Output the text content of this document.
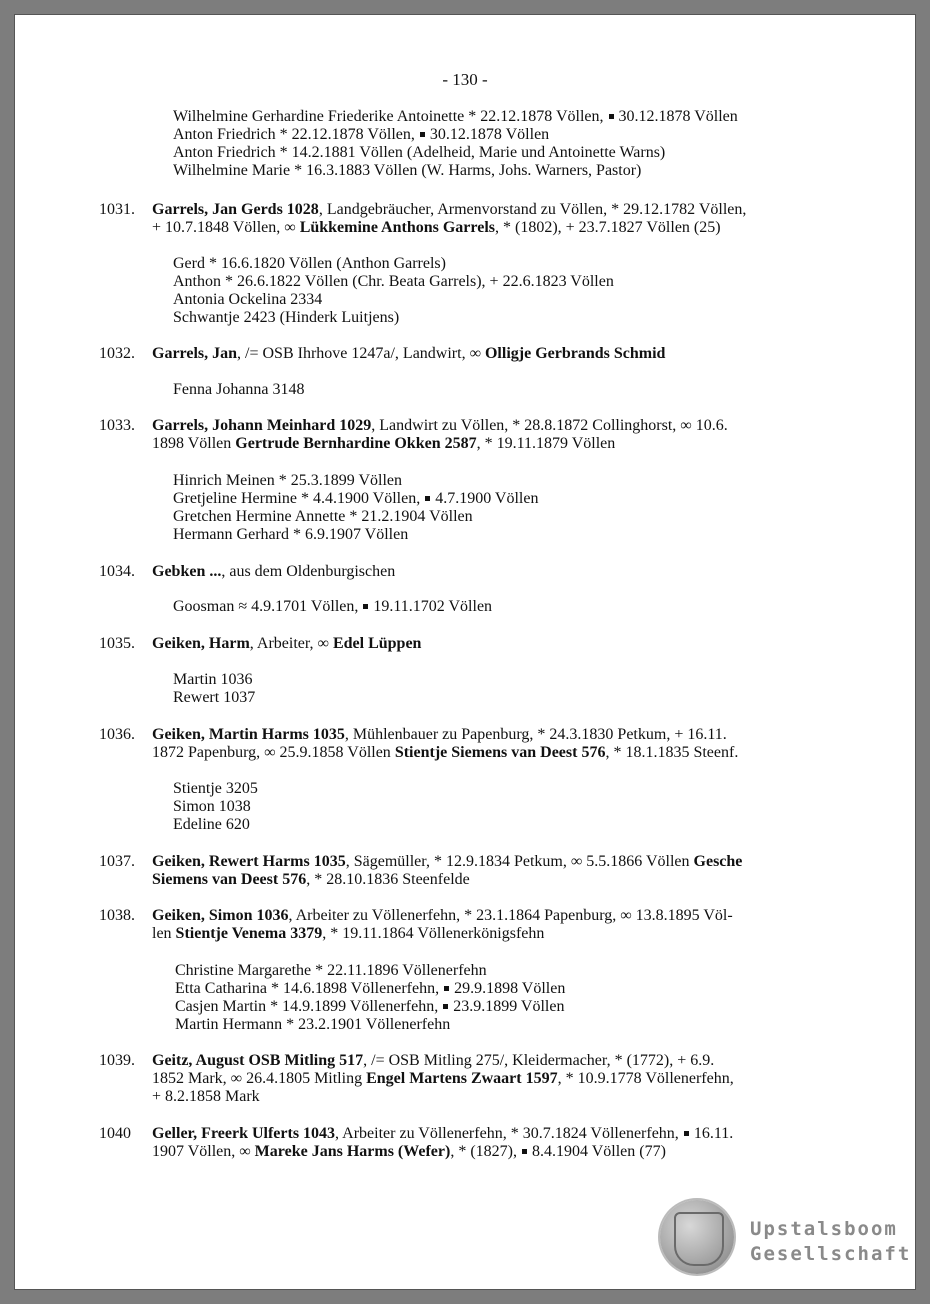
- 130 -
Wilhelmine Gerhardine Friederike Antoinette * 22.12.1878 Völlen,  30.12.1878 Völlen
Anton Friedrich * 22.12.1878 Völlen,  30.12.1878 Völlen
Anton Friedrich * 14.2.1881 Völlen (Adelheid, Marie und Antoinette Warns)
Wilhelmine Marie * 16.3.1883 Völlen (W. Harms, Johs. Warners, Pastor)
1031. Garrels, Jan Gerds 1028, Landgebräucher, Armenvorstand zu Völlen, * 29.12.1782 Völlen,
+ 10.7.1848 Völlen, ∞ Lükkemine Anthons Garrels, * (1802), + 23.7.1827 Völlen (25)
Gerd * 16.6.1820 Völlen (Anthon Garrels)
Anthon * 26.6.1822 Völlen (Chr. Beata Garrels), + 22.6.1823 Völlen
Antonia Ockelina 2334
Schwantje 2423 (Hinderk Luitjens)
1032. Garrels, Jan, /= OSB Ihrhove 1247a/, Landwirt, ∞ Olligje Gerbrands Schmid
Fenna Johanna 3148
1033. Garrels, Johann Meinhard 1029, Landwirt zu Völlen, * 28.8.1872 Collinghorst, ∞ 10.6.
1898 Völlen Gertrude Bernhardine Okken 2587, * 19.11.1879 Völlen
Hinrich Meinen * 25.3.1899 Völlen
Gretjeline Hermine * 4.4.1900 Völlen,  4.7.1900 Völlen
Gretchen Hermine Annette * 21.2.1904 Völlen
Hermann Gerhard * 6.9.1907 Völlen
1034. Gebken ..., aus dem Oldenburgischen
Goosman ≈ 4.9.1701 Völlen,  19.11.1702 Völlen
1035. Geiken, Harm, Arbeiter, ∞ Edel Lüppen
Martin 1036
Rewert 1037
1036. Geiken, Martin Harms 1035, Mühlenbauer zu Papenburg, * 24.3.1830 Petkum, + 16.11.
1872 Papenburg, ∞ 25.9.1858 Völlen Stientje Siemens van Deest 576, * 18.1.1835 Steenf.
Stientje 3205
Simon 1038
Edeline 620
1037. Geiken, Rewert Harms 1035, Sägemüller, * 12.9.1834 Petkum, ∞ 5.5.1866 Völlen Gesche
Siemens van Deest 576, * 28.10.1836 Steenfelde
1038. Geiken, Simon 1036, Arbeiter zu Völlenerfehn, * 23.1.1864 Papenburg, ∞ 13.8.1895 Völ-
len Stientje Venema 3379, * 19.11.1864 Völlenerkönigsfehn
Christine Margarethe * 22.11.1896 Völlenerfehn
Etta Catharina * 14.6.1898 Völlenerfehn,  29.9.1898 Völlen
Casjen Martin * 14.9.1899 Völlenerfehn,  23.9.1899 Völlen
Martin Hermann * 23.2.1901 Völlenerfehn
1039. Geitz, August OSB Mitling 517, /= OSB Mitling 275/, Kleidermacher, * (1772), + 6.9.
1852 Mark, ∞ 26.4.1805 Mitling Engel Martens Zwaart 1597, * 10.9.1778 Völlenerfehn,
+ 8.2.1858 Mark
1040 Geller, Freerk Ulferts 1043, Arbeiter zu Völlenerfehn, * 30.7.1824 Völlenerfehn,  16.11.
1907 Völlen, ∞ Mareke Jans Harms (Wefer), * (1827),  8.4.1904 Völlen (77)
Upstalsboom
Gesellschaft
